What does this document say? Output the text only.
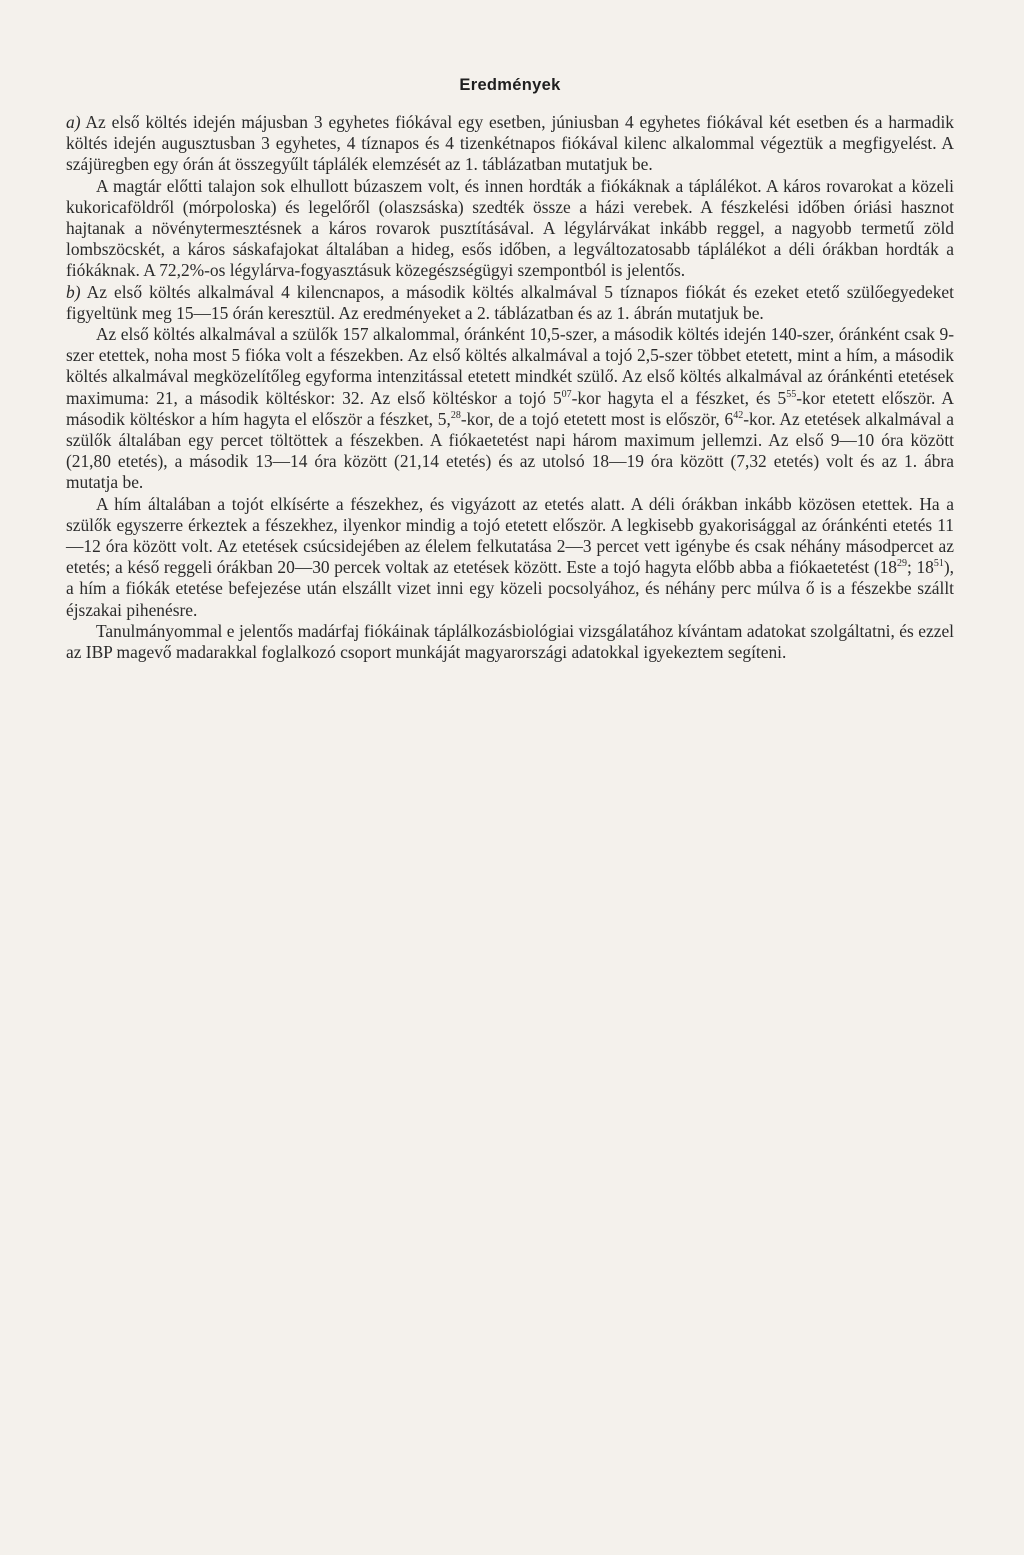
Eredmények

a) Az első költés idején májusban 3 egyhetes fiókával egy esetben, júniusban 4 egyhetes fiókával két esetben és a harmadik költés idején augusztusban 3 egyhetes, 4 tíznapos és 4 tizenkétnapos fiókával kilenc alkalommal végeztük a megfigyelést. A szájüregben egy órán át összegyűlt táplálék elemzését az 1. táblázatban mutatjuk be.

A magtár előtti talajon sok elhullott búzaszem volt, és innen hordták a fiókáknak a táplálékot. A káros rovarokat a közeli kukoricaföldről (mórpoloska) és legelőről (olaszsáska) szedték össze a házi verebek. A fészkelési időben óriási hasznot hajtanak a növénytermesztésnek a káros rovarok pusztításával. A légylárvákat inkább reggel, a nagyobb termetű zöld lombszöcskét, a káros sáskafajokat általában a hideg, esős időben, a legváltozatosabb táplálékot a déli órákban hordták a fiókáknak. A 72,2%-os légylárva-fogyasztásuk közegészségügyi szempontból is jelentős.

b) Az első költés alkalmával 4 kilencnapos, a második költés alkalmával 5 tíznapos fiókát és ezeket etető szülőegyedeket figyeltünk meg 15—15 órán keresztül. Az eredményeket a 2. táblázatban és az 1. ábrán mutatjuk be.

Az első költés alkalmával a szülők 157 alkalommal, óránként 10,5-szer, a második költés idején 140-szer, óránként csak 9-szer etettek, noha most 5 fióka volt a fészekben. Az első költés alkalmával a tojó 2,5-szer többet etetett, mint a hím, a második költés alkalmával megközelítőleg egyforma intenzitással etetett mindkét szülő. Az első költés alkalmával az óránkénti etetések maximuma: 21, a második költéskor: 32. Az első költéskor a tojó $5^{07}$-kor hagyta el a fészket, és $5^{55}$-kor etetett először. A második költéskor a hím hagyta el először a fészket, 5,28-kor, de a tojó etetett most is először, $6^{42}$-kor. Az etetések alkalmával a szülők általában egy percet töltöttek a fészekben. A fiókaetetést napi három maximum jellemzi. Az első 9—10 óra között (21,80 etetés), a második 13—14 óra között (21,14 etetés) és az utolsó 18—19 óra között (7,32 etetés) volt és az 1. ábra mutatja be.

A hím általában a tojót elkísérte a fészekhez, és vigyázott az etetés alatt. A déli órákban inkább közösen etettek. Ha a szülők egyszerre érkeztek a fészekhez, ilyenkor mindig a tojó etetett először. A legkisebb gyakorisággal az óránkénti etetés 11—12 óra között volt. Az etetések csúcsidejében az élelem felkutatása 2—3 percet vett igénybe és csak néhány másodpercet az etetés; a késő reggeli órákban 20—30 percek voltak az etetések között. Este a tojó hagyta előbb abba a fiókaetetést ($18^{29}$; $18^{51}$), a hím a fiókák etetése befejezése után elszállt vizet inni egy közeli pocsolyához, és néhány perc múlva ő is a fészekbe szállt éjszakai pihenésre.

Tanulmányommal e jelentős madárfaj fiókáinak táplálkozásbiológiai vizsgálatához kívántam adatokat szolgáltatni, és ezzel az IBP magevő madarakkal foglalkozó csoport munkáját magyarországi adatokkal igyekeztem segíteni.
